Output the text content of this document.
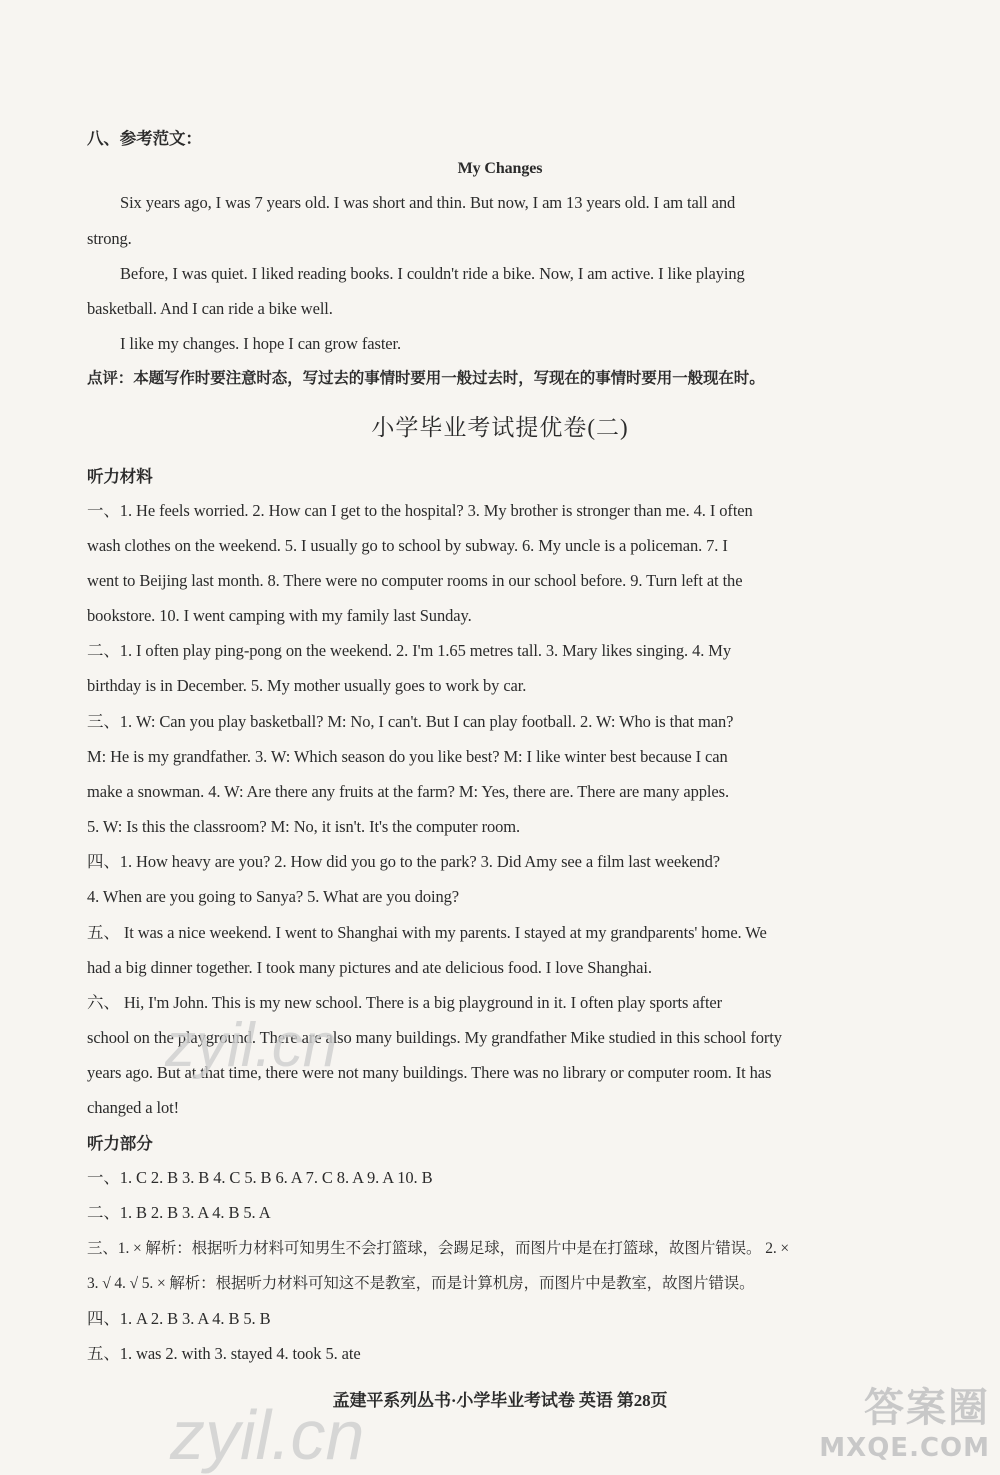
八、参考范文：
My Changes
Six years ago, I was 7 years old. I was short and thin. But now, I am 13 years old. I am tall and
strong.
Before, I was quiet. I liked reading books. I couldn't ride a bike. Now, I am active. I like playing
basketball. And I can ride a bike well.
I like my changes. I hope I can grow faster.
点评：本题写作时要注意时态，写过去的事情时要用一般过去时，写现在的事情时要用一般现在时。
小学毕业考试提优卷(二)
听力材料
一、1. He feels worried. 2. How can I get to the hospital? 3. My brother is stronger than me. 4. I often
wash clothes on the weekend. 5. I usually go to school by subway. 6. My uncle is a policeman. 7. I
went to Beijing last month. 8. There were no computer rooms in our school before. 9. Turn left at the
bookstore. 10. I went camping with my family last Sunday.
二、1. I often play ping-pong on the weekend. 2. I'm 1.65 metres tall. 3. Mary likes singing. 4. My
birthday is in December. 5. My mother usually goes to work by car.
三、1. W: Can you play basketball? M: No, I can't. But I can play football. 2. W: Who is that man?
M: He is my grandfather. 3. W: Which season do you like best? M: I like winter best because I can
make a snowman. 4. W: Are there any fruits at the farm? M: Yes, there are. There are many apples.
5. W: Is this the classroom? M: No, it isn't. It's the computer room.
四、1. How heavy are you? 2. How did you go to the park? 3. Did Amy see a film last weekend?
4. When are you going to Sanya? 5. What are you doing?
五、 It was a nice weekend. I went to Shanghai with my parents. I stayed at my grandparents' home. We
had a big dinner together. I took many pictures and ate delicious food. I love Shanghai.
六、 Hi, I'm John. This is my new school. There is a big playground in it. I often play sports after
school on the playground. There are also many buildings. My grandfather Mike studied in this school forty
years ago. But at that time, there were not many buildings. There was no library or computer room. It has
changed a lot!
听力部分
一、1. C 2. B 3. B 4. C 5. B 6. A 7. C 8. A 9. A 10. B
二、1. B 2. B 3. A 4. B 5. A
三、1. × 解析：根据听力材料可知男生不会打篮球，会踢足球，而图片中是在打篮球，故图片错误。 2. ×
3. √ 4. √ 5. × 解析：根据听力材料可知这不是教室，而是计算机房，而图片中是教室，故图片错误。
四、1. A 2. B 3. A 4. B 5. B
五、1. was 2. with 3. stayed 4. took 5. ate
孟建平系列丛书·小学毕业考试卷 英语 第28页
zyil.cn
zyil.cn	答案圈
MXQE.COM
